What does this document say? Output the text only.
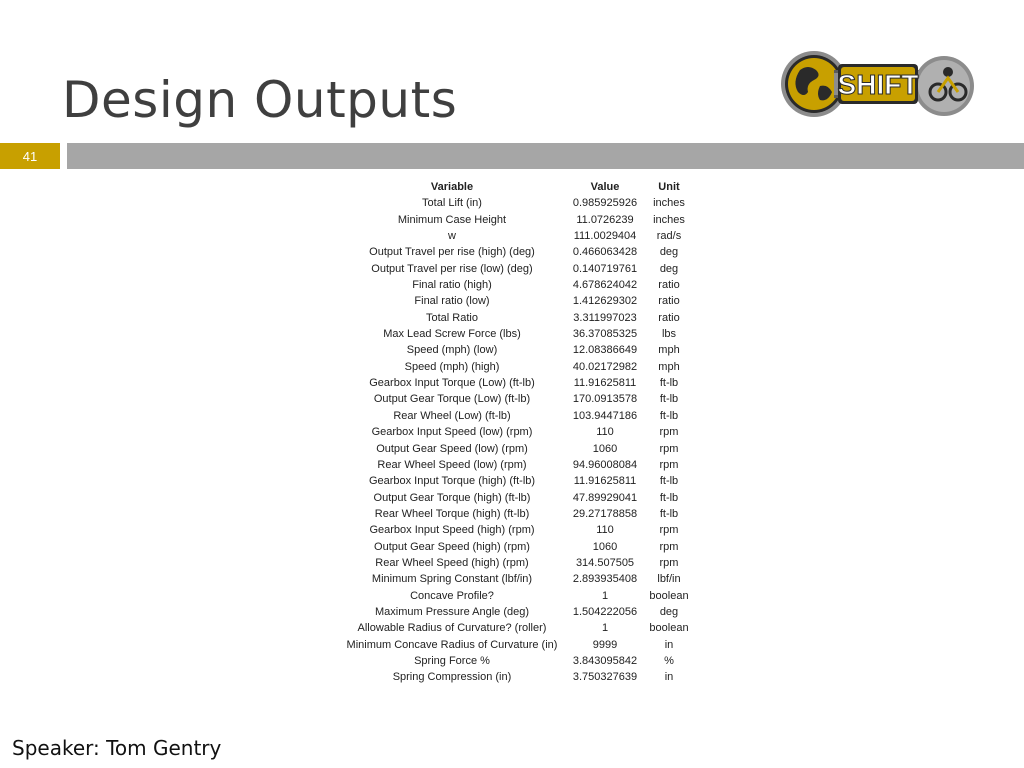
Design Outputs	SHIFT
41
Variable	Value	Unit
Total Lift (in)	0.985925926	inches
Minimum Case Height	11.0726239	inches
w	111.0029404	rad/s
Output Travel per rise (high) (deg)	0.466063428	deg
Output Travel per rise (low) (deg)	0.140719761	deg
Final ratio (high)	4.678624042	ratio
Final ratio (low)	1.412629302	ratio
Total Ratio	3.311997023	ratio
Max Lead Screw Force (lbs)	36.37085325	lbs
Speed (mph) (low)	12.08386649	mph
Speed (mph) (high)	40.02172982	mph
Gearbox Input Torque (Low) (ft-lb)	11.91625811	ft-lb
Output Gear Torque (Low) (ft-lb)	170.0913578	ft-lb
Rear Wheel (Low) (ft-lb)	103.9447186	ft-lb
Gearbox Input Speed (low) (rpm)	110	rpm
Output Gear Speed (low) (rpm)	1060	rpm
Rear Wheel Speed (low) (rpm)	94.96008084	rpm
Gearbox Input Torque (high) (ft-lb)	11.91625811	ft-lb
Output Gear Torque (high) (ft-lb)	47.89929041	ft-lb
Rear Wheel Torque (high) (ft-lb)	29.27178858	ft-lb
Gearbox Input Speed (high) (rpm)	110	rpm
Output Gear Speed (high) (rpm)	1060	rpm
Rear Wheel Speed (high) (rpm)	314.507505	rpm
Minimum Spring Constant (lbf/in)	2.893935408	lbf/in
Concave Profile?	1	boolean
Maximum Pressure Angle (deg)	1.504222056	deg
Allowable Radius of Curvature? (roller)	1	boolean
Minimum Concave Radius of Curvature (in)	9999	in
Spring Force %	3.843095842	%
Spring Compression (in)	3.750327639	in
Speaker: Tom Gentry
